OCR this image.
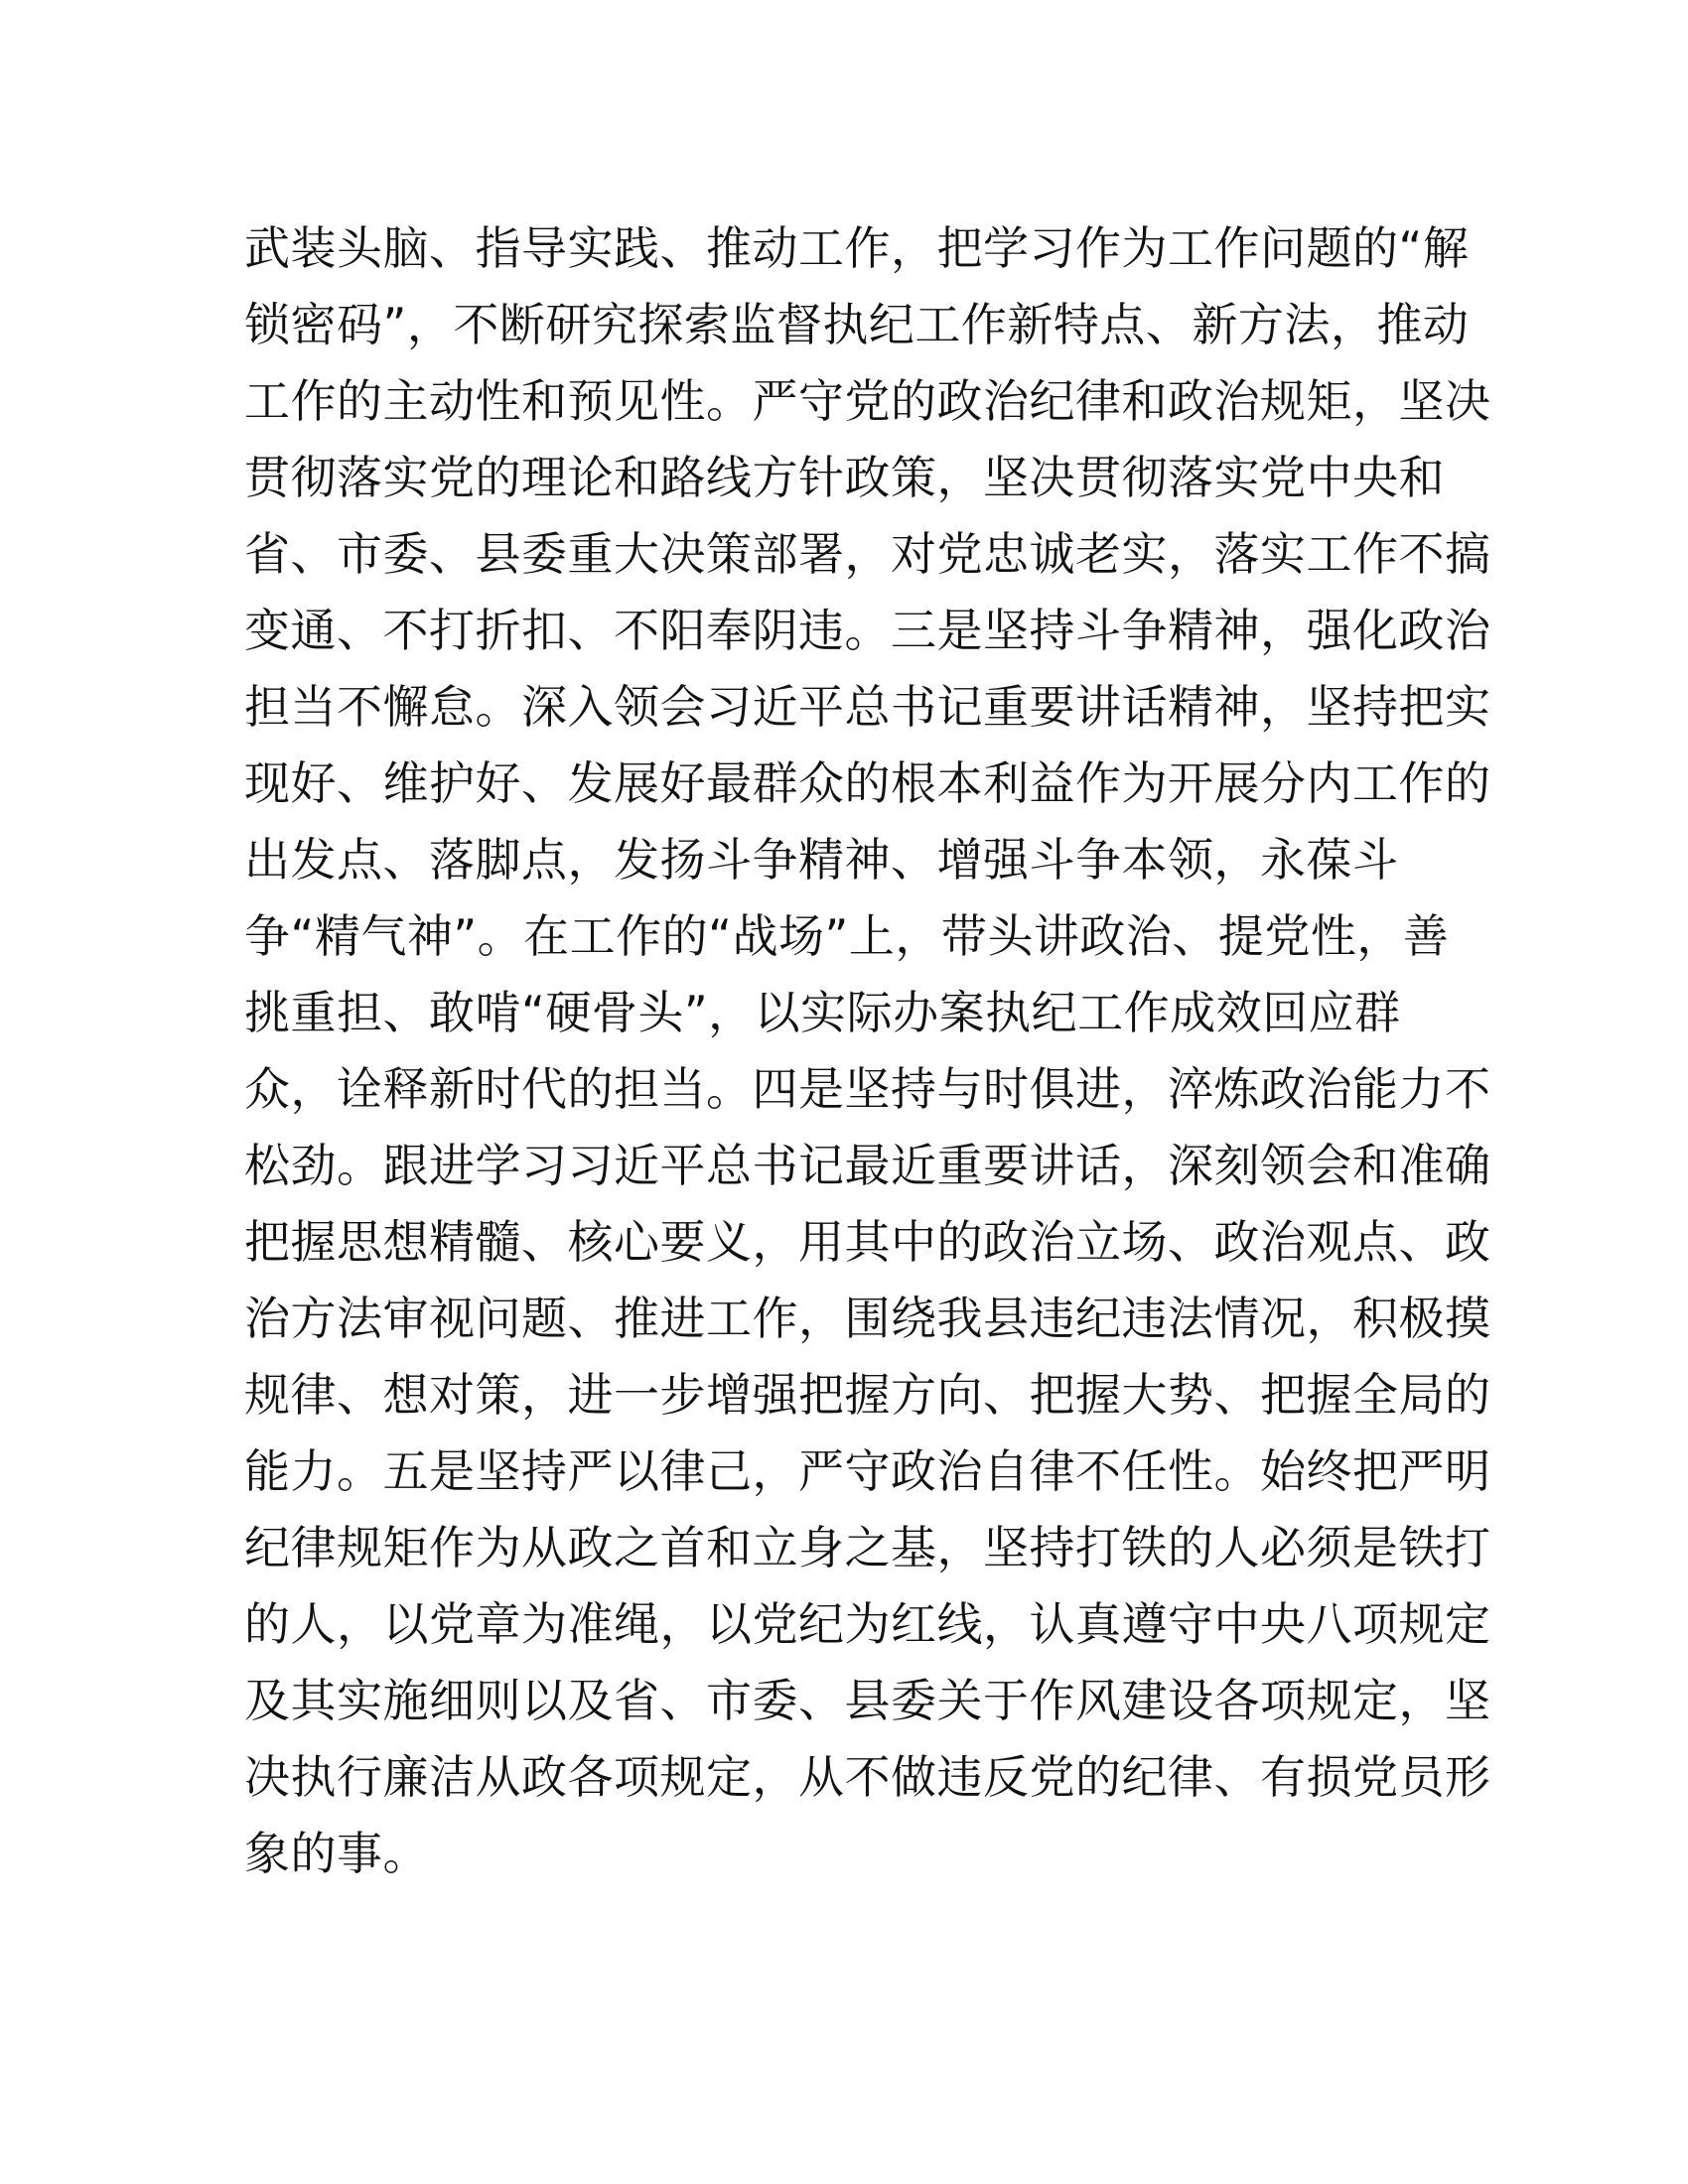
武装头脑、指导实践、推动工作，把学习作为工作问题的“解
锁密码”，不断研究探索监督执纪工作新特点、新方法，推动
工作的主动性和预见性。严守党的政治纪律和政治规矩，坚决
贯彻落实党的理论和路线方针政策，坚决贯彻落实党中央和
省、市委、县委重大决策部署，对党忠诚老实，落实工作不搞
变通、不打折扣、不阳奉阴违。三是坚持斗争精神，强化政治
担当不懈怠。深入领会习近平总书记重要讲话精神，坚持把实
现好、维护好、发展好最群众的根本利益作为开展分内工作的
出发点、落脚点，发扬斗争精神、增强斗争本领，永葆斗
争“精气神”。在工作的“战场”上，带头讲政治、提党性，善
挑重担、敢啃“硬骨头”，以实际办案执纪工作成效回应群
众，诠释新时代的担当。四是坚持与时俱进，淬炼政治能力不
松劲。跟进学习习近平总书记最近重要讲话，深刻领会和准确
把握思想精髓、核心要义，用其中的政治立场、政治观点、政
治方法审视问题、推进工作，围绕我县违纪违法情况，积极摸
规律、想对策，进一步增强把握方向、把握大势、把握全局的
能力。五是坚持严以律己，严守政治自律不任性。始终把严明
纪律规矩作为从政之首和立身之基，坚持打铁的人必须是铁打
的人，以党章为准绳，以党纪为红线，认真遵守中央八项规定
及其实施细则以及省、市委、县委关于作风建设各项规定，坚
决执行廉洁从政各项规定，从不做违反党的纪律、有损党员形
象的事。
